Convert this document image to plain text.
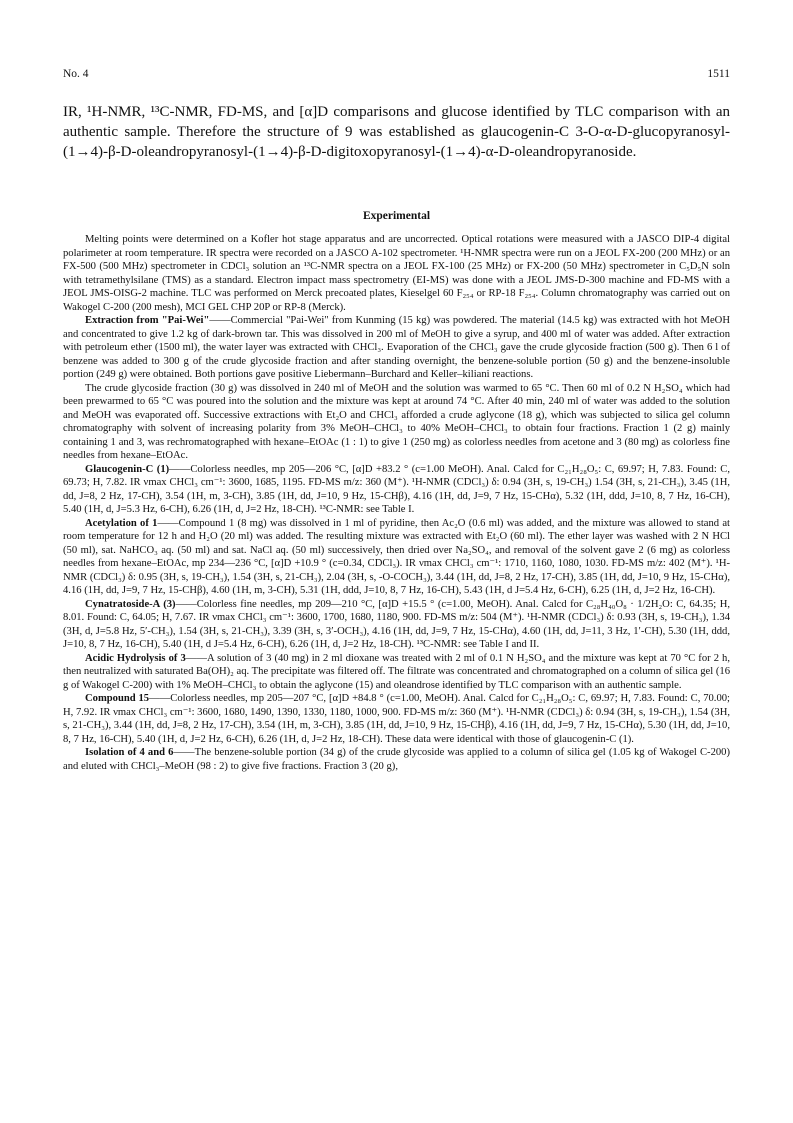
No. 4	1511

IR, ¹H-NMR, ¹³C-NMR, FD-MS, and [α]D comparisons and glucose identified by TLC comparison with an authentic sample. Therefore the structure of 9 was established as glaucogenin-C 3-O-α-D-glucopyranosyl-(1→4)-β-D-oleandropyranosyl-(1→4)-β-D-digitoxopyranosyl-(1→4)-α-D-oleandropyranoside.

Experimental

Melting points were determined on a Kofler hot stage apparatus and are uncorrected. Optical rotations were measured with a JASCO DIP-4 digital polarimeter at room temperature. IR spectra were recorded on a JASCO A-102 spectrometer. ¹H-NMR spectra were run on a JEOL FX-200 (200 MHz) or an FX-500 (500 MHz) spectrometer in CDCl₃ solution an ¹³C-NMR spectra on a JEOL FX-100 (25 MHz) or FX-200 (50 MHz) spectrometer in C₅D₅N soln with tetramethylsilane (TMS) as a standard. Electron impact mass spectrometry (EI-MS) was done with a JEOL JMS-D-300 machine and FD-MS with a JEOL JMS-OISG-2 machine. TLC was performed on Merck precoated plates, Kieselgel 60 F₂₅₄ or RP-18 F₂₅₄. Column chromatography was carried out on Wakogel C-200 (200 mesh), MCI GEL CHP 20P or RP-8 (Merck).

Extraction from "Pai-Wei"——Commercial "Pai-Wei" from Kunming (15 kg) was powdered. The material (14.5 kg) was extracted with hot MeOH and concentrated to give 1.2 kg of dark-brown tar. This was dissolved in 200 ml of MeOH to give a syrup, and 400 ml of water was added. After extraction with petroleum ether (1500 ml), the water layer was extracted with CHCl₃. Evaporation of the CHCl₃ gave the crude glycoside fraction (500 g). Then 6 l of benzene was added to 300 g of the crude glycoside fraction and after standing overnight, the benzene-soluble portion (50 g) and the benzene-insoluble portion (249 g) were obtained. Both portions gave positive Liebermann–Burchard and Keller–kiliani reactions.

The crude glycoside fraction (30 g) was dissolved in 240 ml of MeOH and the solution was warmed to 65 °C. Then 60 ml of 0.2 N H₂SO₄ which had been prewarmed to 65 °C was poured into the solution and the mixture was kept at around 74 °C. After 40 min, 240 ml of water was added to the solution and MeOH was evaporated off. Successive extractions with Et₂O and CHCl₃ afforded a crude aglycone (18 g), which was subjected to silica gel column chromatography with solvent of increasing polarity from 3% MeOH–CHCl₃ to 40% MeOH–CHCl₃ to obtain four fractions. Fraction 1 (2 g) mainly containing 1 and 3, was rechromatographed with hexane–EtOAc (1 : 1) to give 1 (250 mg) as colorless needles from acetone and 3 (80 mg) as colorless fine needles from hexane–EtOAc.

Glaucogenin-C (1)——Colorless needles, mp 205—206 °C, [α]D +83.2 ° (c=1.00 MeOH). Anal. Calcd for C₂₁H₂₈O₅: C, 69.97; H, 7.83. Found: C, 69.73; H, 7.82. IR νmax CHCl₃ cm⁻¹: 3600, 1685, 1195. FD-MS m/z: 360 (M⁺). ¹H-NMR (CDCl₃) δ: 0.94 (3H, s, 19-CH₃) 1.54 (3H, s, 21-CH₃), 3.45 (1H, dd, J=8, 2 Hz, 17-CH), 3.54 (1H, m, 3-CH), 3.85 (1H, dd, J=10, 9 Hz, 15-CHβ), 4.16 (1H, dd, J=9, 7 Hz, 15-CHα), 5.32 (1H, ddd, J=10, 8, 7 Hz, 16-CH), 5.40 (1H, d, J=5.3 Hz, 6-CH), 6.26 (1H, d, J=2 Hz, 18-CH). ¹³C-NMR: see Table I.

Acetylation of 1——Compound 1 (8 mg) was dissolved in 1 ml of pyridine, then Ac₂O (0.6 ml) was added, and the mixture was allowed to stand at room temperature for 12 h and H₂O (20 ml) was added. The resulting mixture was extracted with Et₂O (60 ml). The ether layer was washed with 2 N HCl (50 ml), sat. NaHCO₃ aq. (50 ml) and sat. NaCl aq. (50 ml) successively, then dried over Na₂SO₄, and removal of the solvent gave 2 (6 mg) as colorless needles from hexane–EtOAc, mp 234—236 °C, [α]D +10.9 ° (c=0.34, CDCl₃). IR νmax CHCl₃ cm⁻¹: 1710, 1160, 1080, 1030. FD-MS m/z: 402 (M⁺). ¹H-NMR (CDCl₃) δ: 0.95 (3H, s, 19-CH₃), 1.54 (3H, s, 21-CH₃), 2.04 (3H, s, -O-COCH₃), 3.44 (1H, dd, J=8, 2 Hz, 17-CH), 3.85 (1H, dd, J=10, 9 Hz, 15-CHα), 4.16 (1H, dd, J=9, 7 Hz, 15-CHβ), 4.60 (1H, m, 3-CH), 5.31 (1H, ddd, J=10, 8, 7 Hz, 16-CH), 5.43 (1H, d J=5.4 Hz, 6-CH), 6.25 (1H, d, J=2 Hz, 16-CH).

Cynatratoside-A (3)——Colorless fine needles, mp 209—210 °C, [α]D +15.5 ° (c=1.00, MeOH). Anal. Calcd for C₂₈H₄₀O₈ · 1/2H₂O: C, 64.35; H, 8.01. Found: C, 64.05; H, 7.67. IR νmax CHCl₃ cm⁻¹: 3600, 1700, 1680, 1180, 900. FD-MS m/z: 504 (M⁺). ¹H-NMR (CDCl₃) δ: 0.93 (3H, s, 19-CH₃), 1.34 (3H, d, J=5.8 Hz, 5′-CH₃), 1.54 (3H, s, 21-CH₃), 3.39 (3H, s, 3′-OCH₃), 4.16 (1H, dd, J=9, 7 Hz, 15-CHα), 4.60 (1H, dd, J=11, 3 Hz, 1′-CH), 5.30 (1H, ddd, J=10, 8, 7 Hz, 16-CH), 5.40 (1H, d J=5.4 Hz, 6-CH), 6.26 (1H, d, J=2 Hz, 18-CH). ¹³C-NMR: see Table I and II.

Acidic Hydrolysis of 3——A solution of 3 (40 mg) in 2 ml dioxane was treated with 2 ml of 0.1 N H₂SO₄ and the mixture was kept at 70 °C for 2 h, then neutralized with saturated Ba(OH)₂ aq. The precipitate was filtered off. The filtrate was concentrated and chromatographed on a column of silica gel (16 g of Wakogel C-200) with 1% MeOH–CHCl₃ to obtain the aglycone (15) and oleandrose identified by TLC comparison with an authentic sample.

Compound 15——Colorless needles, mp 205—207 °C, [α]D +84.8 ° (c=1.00, MeOH). Anal. Calcd for C₂₁H₂₈O₅: C, 69.97; H, 7.83. Found: C, 70.00; H, 7.92. IR νmax CHCl₃ cm⁻¹: 3600, 1680, 1490, 1390, 1330, 1180, 1000, 900. FD-MS m/z: 360 (M⁺). ¹H-NMR (CDCl₃) δ: 0.94 (3H, s, 19-CH₃), 1.54 (3H, s, 21-CH₃), 3.44 (1H, dd, J=8, 2 Hz, 17-CH), 3.54 (1H, m, 3-CH), 3.85 (1H, dd, J=10, 9 Hz, 15-CHβ), 4.16 (1H, dd, J=9, 7 Hz, 15-CHα), 5.30 (1H, dd, J=10, 8, 7 Hz, 16-CH), 5.40 (1H, d, J=2 Hz, 6-CH), 6.26 (1H, d, J=2 Hz, 18-CH). These data were identical with those of glaucogenin-C (1).

Isolation of 4 and 6——The benzene-soluble portion (34 g) of the crude glycoside was applied to a column of silica gel (1.05 kg of Wakogel C-200) and eluted with CHCl₃–MeOH (98 : 2) to give five fractions. Fraction 3 (20 g),
